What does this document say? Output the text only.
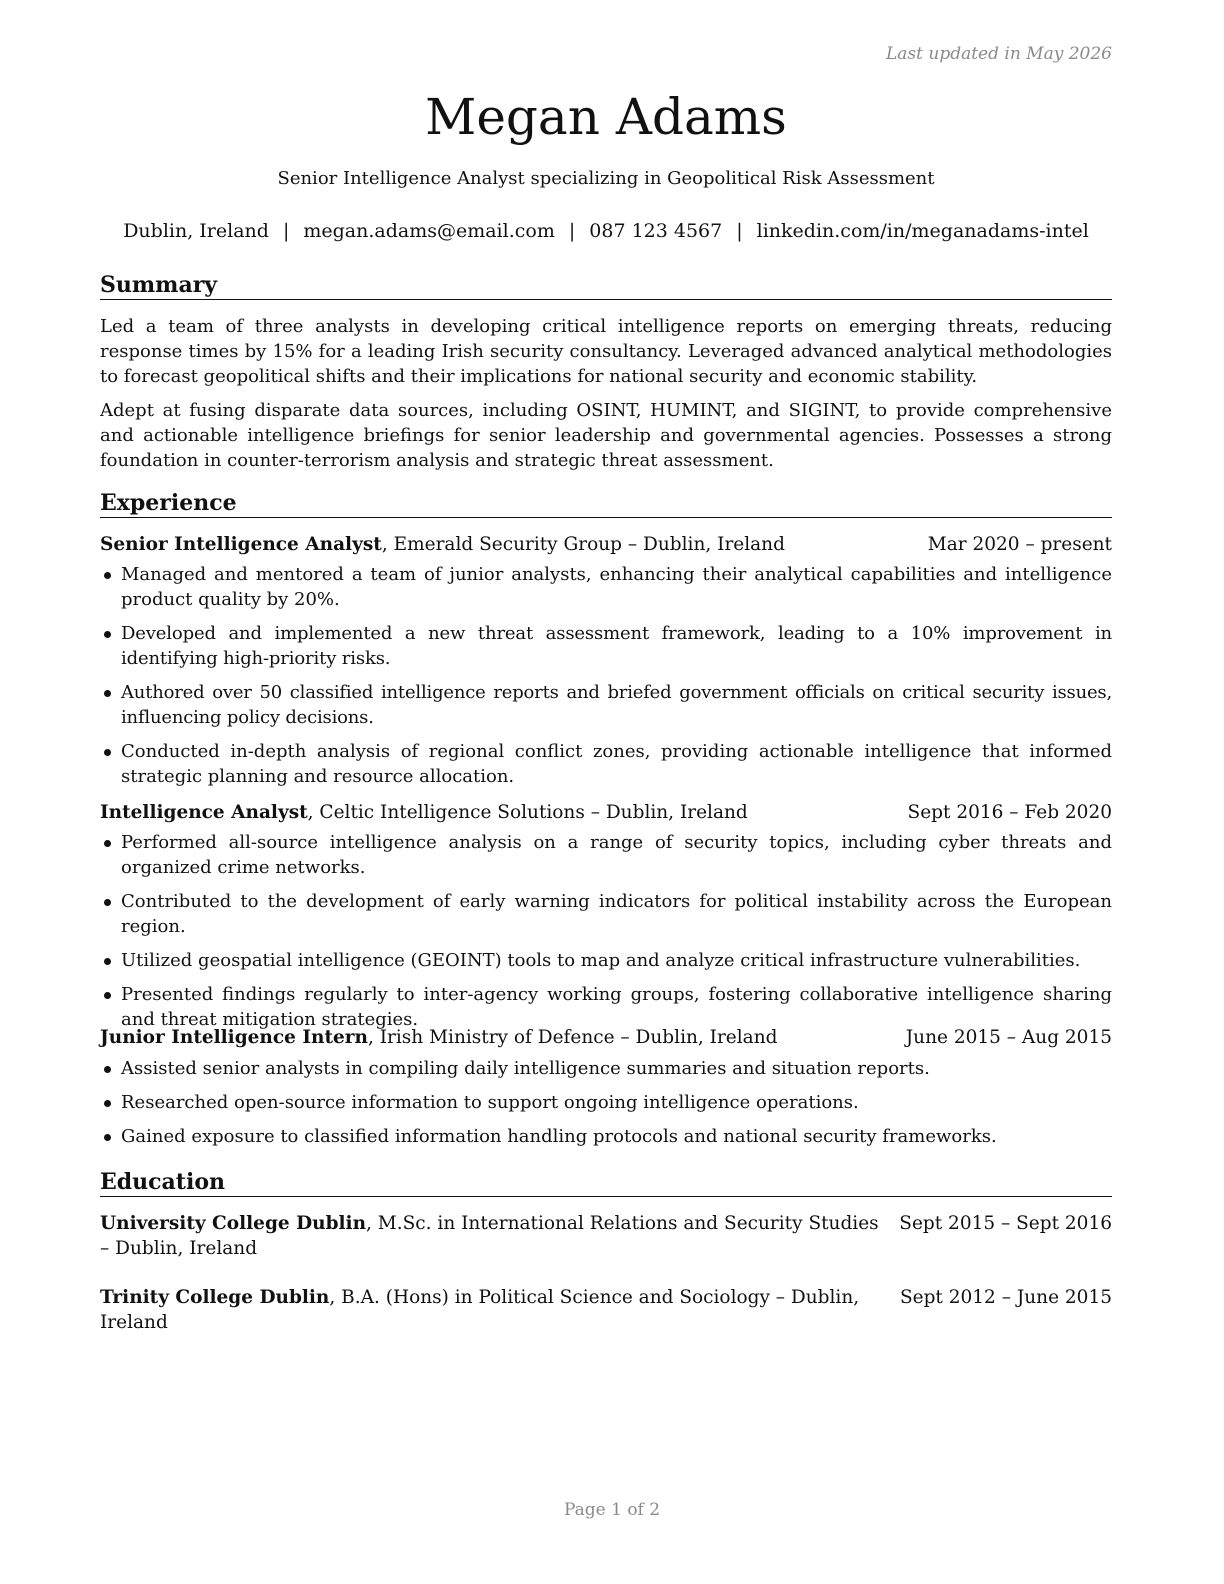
Last updated in May 2026
Megan Adams
Senior Intelligence Analyst specializing in Geopolitical Risk Assessment
Dublin, Ireland | megan.adams@email.com | 087 123 4567 | linkedin.com/in/meganadams-intel
Summary
Led a team of three analysts in developing critical intelligence reports on emerging threats, reducing response times by 15% for a leading Irish security consultancy. Leveraged advanced analytical methodologies to forecast geopolitical shifts and their implications for national security and economic stability.
Adept at fusing disparate data sources, including OSINT, HUMINT, and SIGINT, to provide comprehensive and actionable intelligence briefings for senior leadership and governmental agencies. Possesses a strong foundation in counter-terrorism analysis and strategic threat assessment.
Experience
Senior Intelligence Analyst, Emerald Security Group – Dublin, Ireland	Mar 2020 – present
Managed and mentored a team of junior analysts, enhancing their analytical capabilities and intelligence product quality by 20%.
Developed and implemented a new threat assessment framework, leading to a 10% improvement in identifying high-priority risks.
Authored over 50 classified intelligence reports and briefed government officials on critical security issues, influencing policy decisions.
Conducted in-depth analysis of regional conflict zones, providing actionable intelligence that informed strategic planning and resource allocation.
Intelligence Analyst, Celtic Intelligence Solutions – Dublin, Ireland	Sept 2016 – Feb 2020
Performed all-source intelligence analysis on a range of security topics, including cyber threats and organized crime networks.
Contributed to the development of early warning indicators for political instability across the European region.
Utilized geospatial intelligence (GEOINT) tools to map and analyze critical infrastructure vulnerabilities.
Presented findings regularly to inter-agency working groups, fostering collaborative intelligence sharing and threat mitigation strategies.
Junior Intelligence Intern, Irish Ministry of Defence – Dublin, Ireland	June 2015 – Aug 2015
Assisted senior analysts in compiling daily intelligence summaries and situation reports.
Researched open-source information to support ongoing intelligence operations.
Gained exposure to classified information handling protocols and national security frameworks.
Education
University College Dublin, M.Sc. in International Relations and Security Studies – Dublin, Ireland
Sept 2015 – Sept 2016
Trinity College Dublin, B.A. (Hons) in Political Science and Sociology – Dublin, Ireland
Sept 2012 – June 2015
Page 1 of 2
